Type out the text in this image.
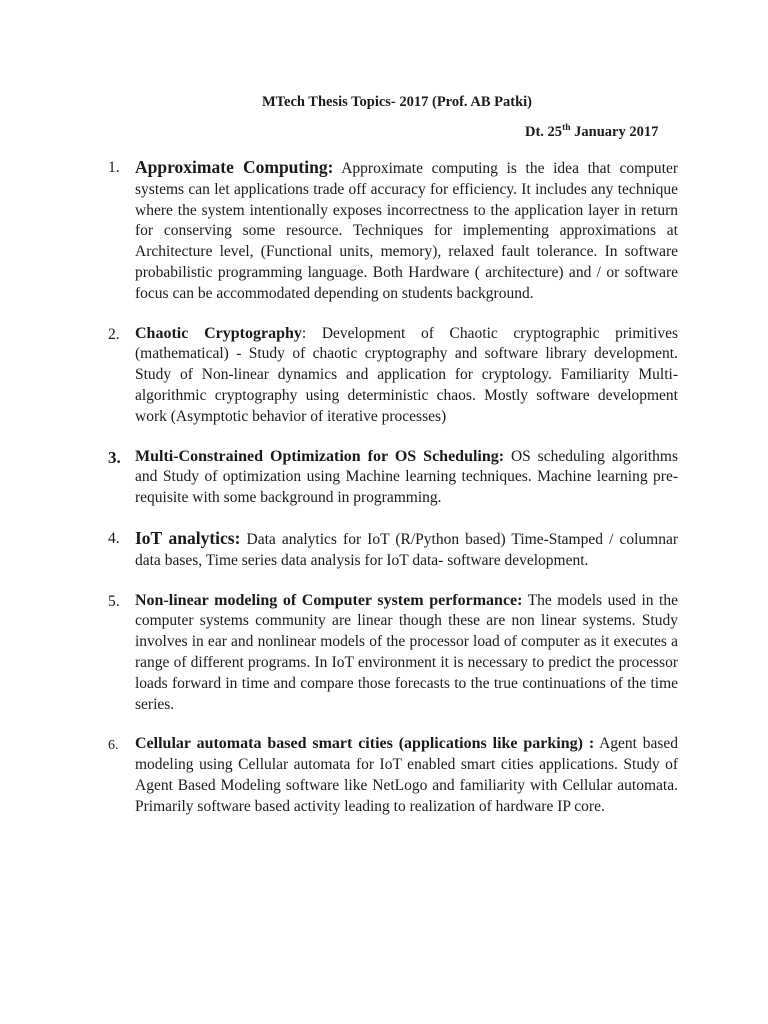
MTech Thesis Topics- 2017 (Prof. AB Patki)

Dt. 25th January 2017

1. Approximate Computing: Approximate computing is the idea that computer systems can let applications trade off accuracy for efficiency. It includes any technique where the system intentionally exposes incorrectness to the application layer in return for conserving some resource. Techniques for implementing approximations at Architecture level, (Functional units, memory), relaxed fault tolerance. In software probabilistic programming language. Both Hardware ( architecture) and / or software focus can be accommodated depending on students background.
2. Chaotic Cryptography: Development of Chaotic cryptographic primitives (mathematical) - Study of chaotic cryptography and software library development. Study of Non-linear dynamics and application for cryptology. Familiarity Multi-algorithmic cryptography using deterministic chaos. Mostly software development work (Asymptotic behavior of iterative processes)
3. Multi-Constrained Optimization for OS Scheduling: OS scheduling algorithms and Study of optimization using Machine learning techniques. Machine learning pre-requisite with some background in programming.
4. IoT analytics: Data analytics for IoT (R/Python based) Time-Stamped / columnar data bases, Time series data analysis for IoT data- software development.
5. Non-linear modeling of Computer system performance: The models used in the computer systems community are linear though these are non linear systems. Study involves in ear and nonlinear models of the processor load of computer as it executes a range of different programs. In IoT environment it is necessary to predict the processor loads forward in time and compare those forecasts to the true continuations of the time series.
6.	Cellular automata based smart cities (applications like parking) : Agent based modeling using Cellular automata for IoT enabled smart cities applications. Study of Agent Based Modeling software like NetLogo and familiarity with Cellular automata. Primarily software based activity leading to realization of hardware IP core.
